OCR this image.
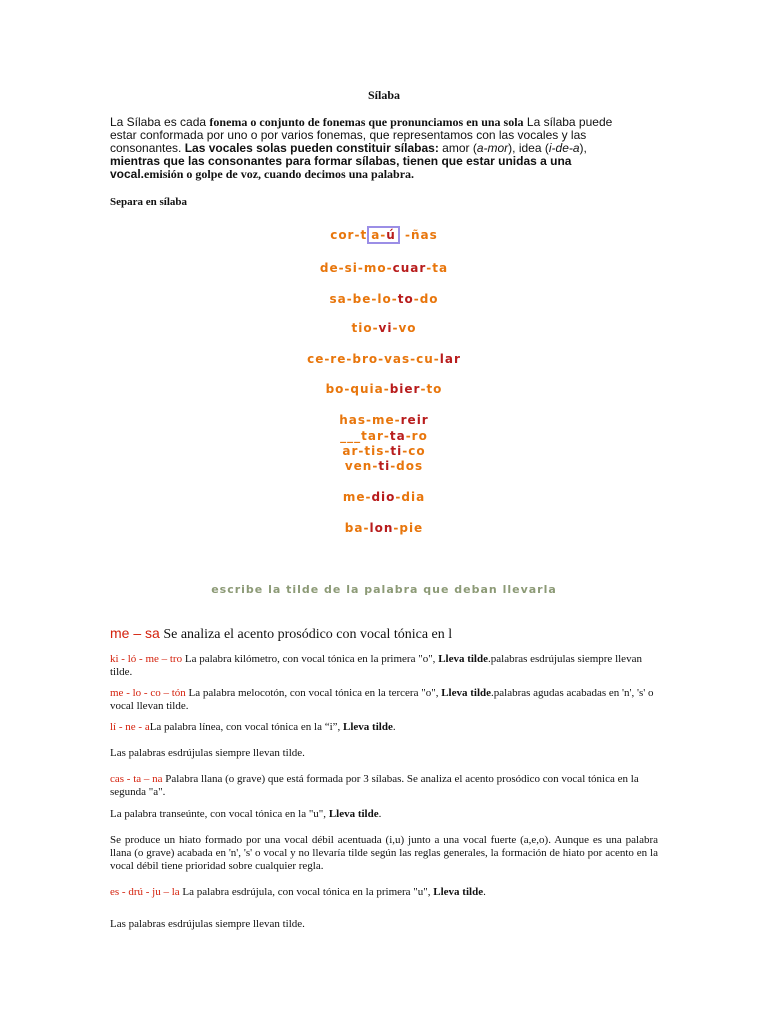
Sílaba
La Sílaba es cada fonema o conjunto de fonemas que pronunciamos en una sola La sílaba puede estar conformada por uno o por varios fonemas, que representamos con las vocales y las consonantes. Las vocales solas pueden constituir sílabas: amor (a-mor), idea (i-de-a), mientras que las consonantes para formar sílabas, tienen que estar unidas a una vocal.emisión o golpe de voz, cuando decimos una palabra.
Separa en sílaba
cor-t a-ú -ñas
de-si-mo-cuar-ta
sa-be-lo-to-do
tio-vi-vo
ce-re-bro-vas-cu-lar
bo-quia-bier-to
has-me-reir
___tar-ta-ro
ar-tis-ti-co
ven-ti-dos
me-dio-dia
ba-lon-pie
escribe la tilde de la palabra que deban llevarla
me – sa Se analiza el acento prosódico con vocal tónica en l
ki - ló - me – tro La palabra kilómetro, con vocal tónica en la primera "o", Lleva tilde.palabras esdrújulas siempre llevan tilde.
me - lo - co – tón La palabra melocotón, con vocal tónica en la tercera "o", Lleva tilde.palabras agudas acabadas en 'n', 's' o vocal llevan tilde.
lí - ne - aLa palabra línea, con vocal tónica en la “i”, Lleva tilde.
Las palabras esdrújulas siempre llevan tilde.
cas - ta – na Palabra llana (o grave) que está formada por 3 sílabas. Se analiza el acento prosódico con vocal tónica en la segunda "a".
La palabra transeúnte, con vocal tónica en la "u", Lleva tilde.
Se produce un hiato formado por una vocal débil acentuada (i,u) junto a una vocal fuerte (a,e,o). Aunque es una palabra llana (o grave) acabada en 'n', 's' o vocal y no llevaría tilde según las reglas generales, la formación de hiato por acento en la vocal débil tiene prioridad sobre cualquier regla.
es - drú - ju – la La palabra esdrújula, con vocal tónica en la primera "u", Lleva tilde.
Las palabras esdrújulas siempre llevan tilde.
